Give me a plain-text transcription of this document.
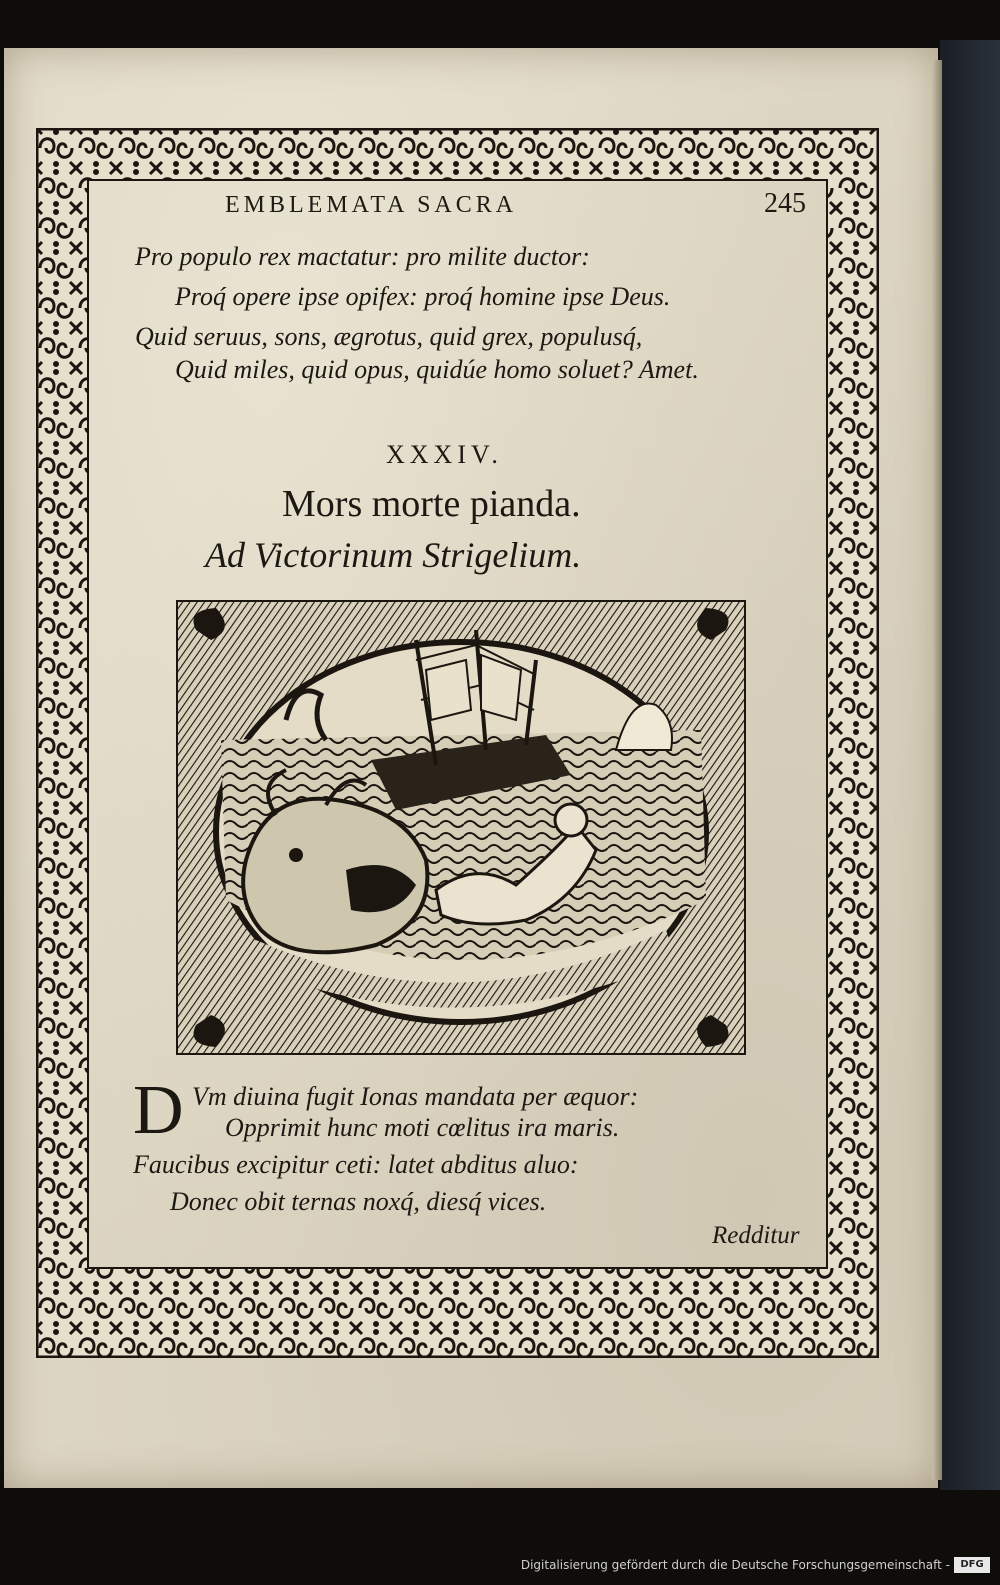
EMBLEMATA SACRA	245
Pro populo rex mactatur: pro milite ductor:
Proq́ opere ipse opifex: proq́ homine ipse Deus.
Quid seruus, sons, ægrotus, quid grex, populusq́,
Quid miles, quid opus, quidúe homo soluet? Amet.
XXXIV.
Mors morte pianda.
Ad Victorinum Strigelium.
D Vm diuina fugit Ionas mandata per æquor:
Opprimit hunc moti cœlitus ira maris.
Faucibus excipitur ceti: latet abditus aluo:
Donec obit ternas noxq́, diesq́ vices.
Redditur
Digitalisierung gefördert durch die Deutsche Forschungsgemeinschaft -	DFG
